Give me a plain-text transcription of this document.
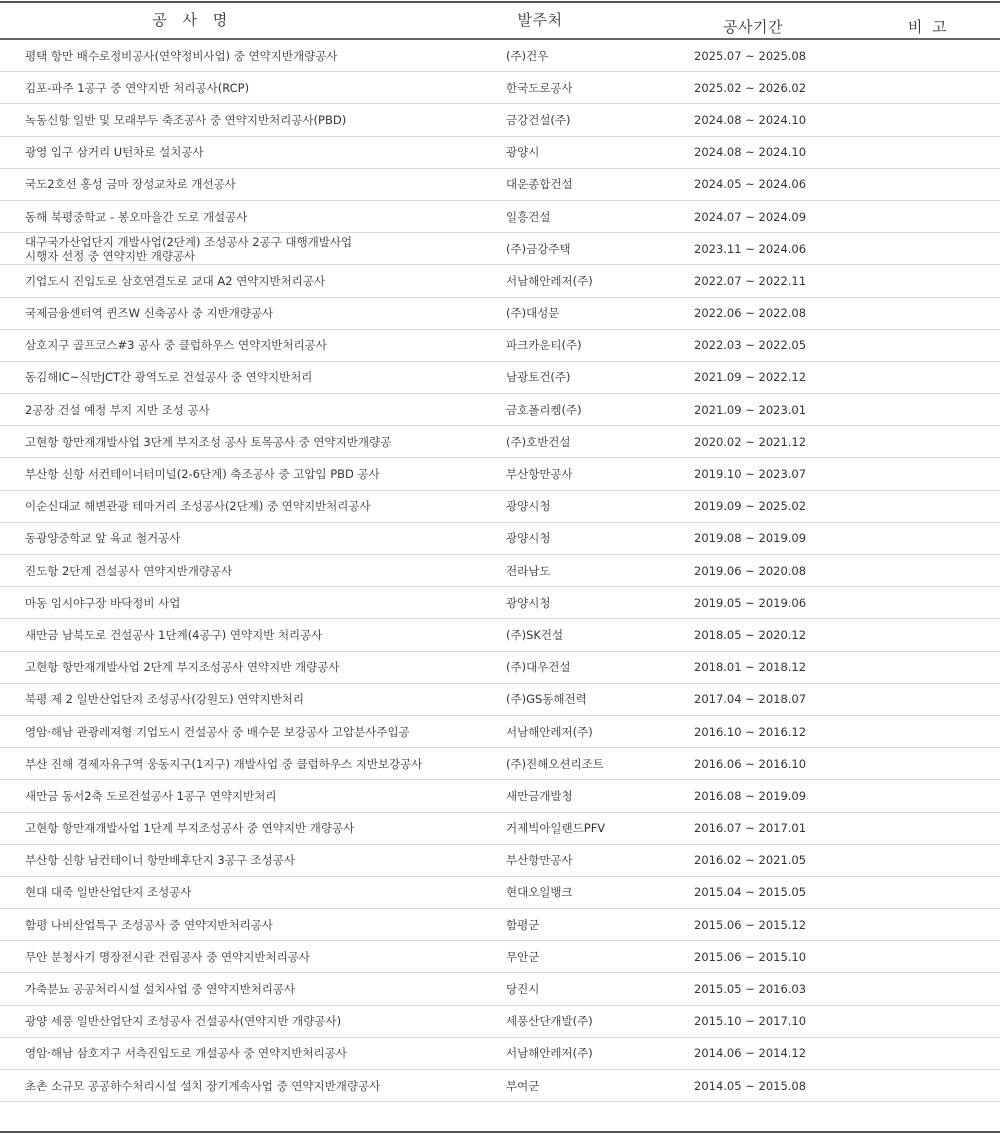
공 사 명	발주처	공사기간	비 고
평택 항만 배수로정비공사(연약정비사업) 중 연약지반개량공사	(주)건우	2025.07 ~ 2025.08
김포-파주 1공구 중 연약지반 처리공사(RCP)	한국도로공사	2025.02 ~ 2026.02
녹동신항 일반 및 모래부두 축조공사 중 연약지반처리공사(PBD)	금강건설(주)	2024.08 ~ 2024.10
광영 입구 삼거리 U턴차로 설치공사	광양시	2024.08 ~ 2024.10
국도2호선 홍성 금마 장성교차로 개선공사	대운종합건설	2024.05 ~ 2024.06
동해 북평중학교 - 봉오마을간 도로 개설공사	일흥건설	2024.07 ~ 2024.09
대구국가산업단지 개발사업(2단계) 조성공사 2공구 대행개발사업
시행자 선정 중 연약지반 개량공사	(주)금강주택	2023.11 ~ 2024.06
기업도시 진입도로 삼호연결도로 교대 A2 연약지반처리공사	서남해안레저(주)	2022.07 ~ 2022.11
국제금융센터역 퀸즈W 신축공사 중 지반개량공사	(주)대성문	2022.06 ~ 2022.08
삼호지구 골프코스#3 공사 중 클럽하우스 연약지반처리공사	파크카운티(주)	2022.03 ~ 2022.05
동김해IC~식만JCT간 광역도로 건설공사 중 연약지반처리	남광토건(주)	2021.09 ~ 2022.12
2공장 건설 예정 부지 지반 조성 공사	금호폴리켐(주)	2021.09 ~ 2023.01
고현항 항만재개발사업 3단계 부지조성 공사 토목공사 중 연약지반개량공	(주)호반건설	2020.02 ~ 2021.12
부산항 신항 서컨테이너터미널(2-6단계) 축조공사 중 고압입 PBD 공사	부산항만공사	2019.10 ~ 2023.07
이순신대교 해변관광 테마거리 조성공사(2단계) 중 연약지반처리공사	광양시청	2019.09 ~ 2025.02
동광양중학교 앞 육교 철거공사	광양시청	2019.08 ~ 2019.09
진도항 2단계 건설공사 연약지반개량공사	전라남도	2019.06 ~ 2020.08
마동 임시야구장 바닥정비 사업	광양시청	2019.05 ~ 2019.06
새만금 남북도로 건설공사 1단계(4공구) 연약지반 처리공사	(주)SK건설	2018.05 ~ 2020.12
고현항 항만재개발사업 2단계 부지조성공사 연약지반 개량공사	(주)대우건설	2018.01 ~ 2018.12
북평 제 2 일반산업단지 조성공사(강원도) 연약지반처리	(주)GS동해전력	2017.04 ~ 2018.07
영암·해남 관광레저형 기업도시 건설공사 중 배수문 보강공사 고압분사주입공	서남해안레저(주)	2016.10 ~ 2016.12
부산 진해 경제자유구역 웅동지구(1지구) 개발사업 중 클럽하우스 지반보강공사	(주)진해오션리조트	2016.06 ~ 2016.10
새만금 동서2축 도로건설공사 1공구 연약지반처리	새만금개발청	2016.08 ~ 2019.09
고현항 항만재개발사업 1단계 부지조성공사 중 연약지반 개량공사	거제빅아일랜드PFV	2016.07 ~ 2017.01
부산항 신항 남컨테이너 항만배후단지 3공구 조성공사	부산항만공사	2016.02 ~ 2021.05
현대 대죽 일반산업단지 조성공사	현대오일뱅크	2015.04 ~ 2015.05
함평 나비산업특구 조성공사 중 연약지반처리공사	함평군	2015.06 ~ 2015.12
무안 분청사기 명장전시관 건립공사 중 연약지반처리공사	무안군	2015.06 ~ 2015.10
가축분뇨 공공처리시설 설치사업 중 연약지반처리공사	당진시	2015.05 ~ 2016.03
광양 세풍 일반산업단지 조성공사 건설공사(연약지반 개량공사)	세풍산단개발(주)	2015.10 ~ 2017.10
영암·해남 삼호지구 서측진입도로 개설공사 중 연약지반처리공사	서남해안레저(주)	2014.06 ~ 2014.12
초촌 소규모 공공하수처리시설 설치 장기계속사업 중 연약지반개량공사	부여군	2014.05 ~ 2015.08
